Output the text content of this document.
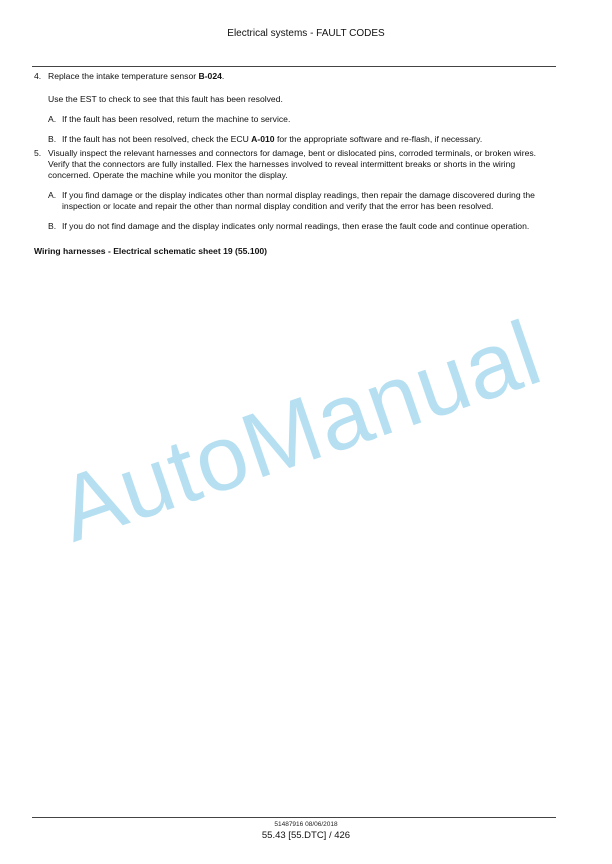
Electrical systems - FAULT CODES
4. Replace the intake temperature sensor B-024.

Use the EST to check to see that this fault has been resolved.

A. If the fault has been resolved, return the machine to service.

B. If the fault has not been resolved, check the ECU A-010 for the appropriate software and re-flash, if necessary.

5. Visually inspect the relevant harnesses and connectors for damage, bent or dislocated pins, corroded terminals, or broken wires. Verify that the connectors are fully installed. Flex the harnesses involved to reveal intermittent breaks or shorts in the wiring concerned. Operate the machine while you monitor the display.

A. If you find damage or the display indicates other than normal display readings, then repair the damage discovered during the inspection or locate and repair the other than normal display condition and verify that the error has been resolved.

B. If you do not find damage and the display indicates only normal readings, then erase the fault code and continue operation.

Wiring harnesses - Electrical schematic sheet 19 (55.100)
AutoManual
51487916 08/06/2018
55.43 [55.DTC] / 426
